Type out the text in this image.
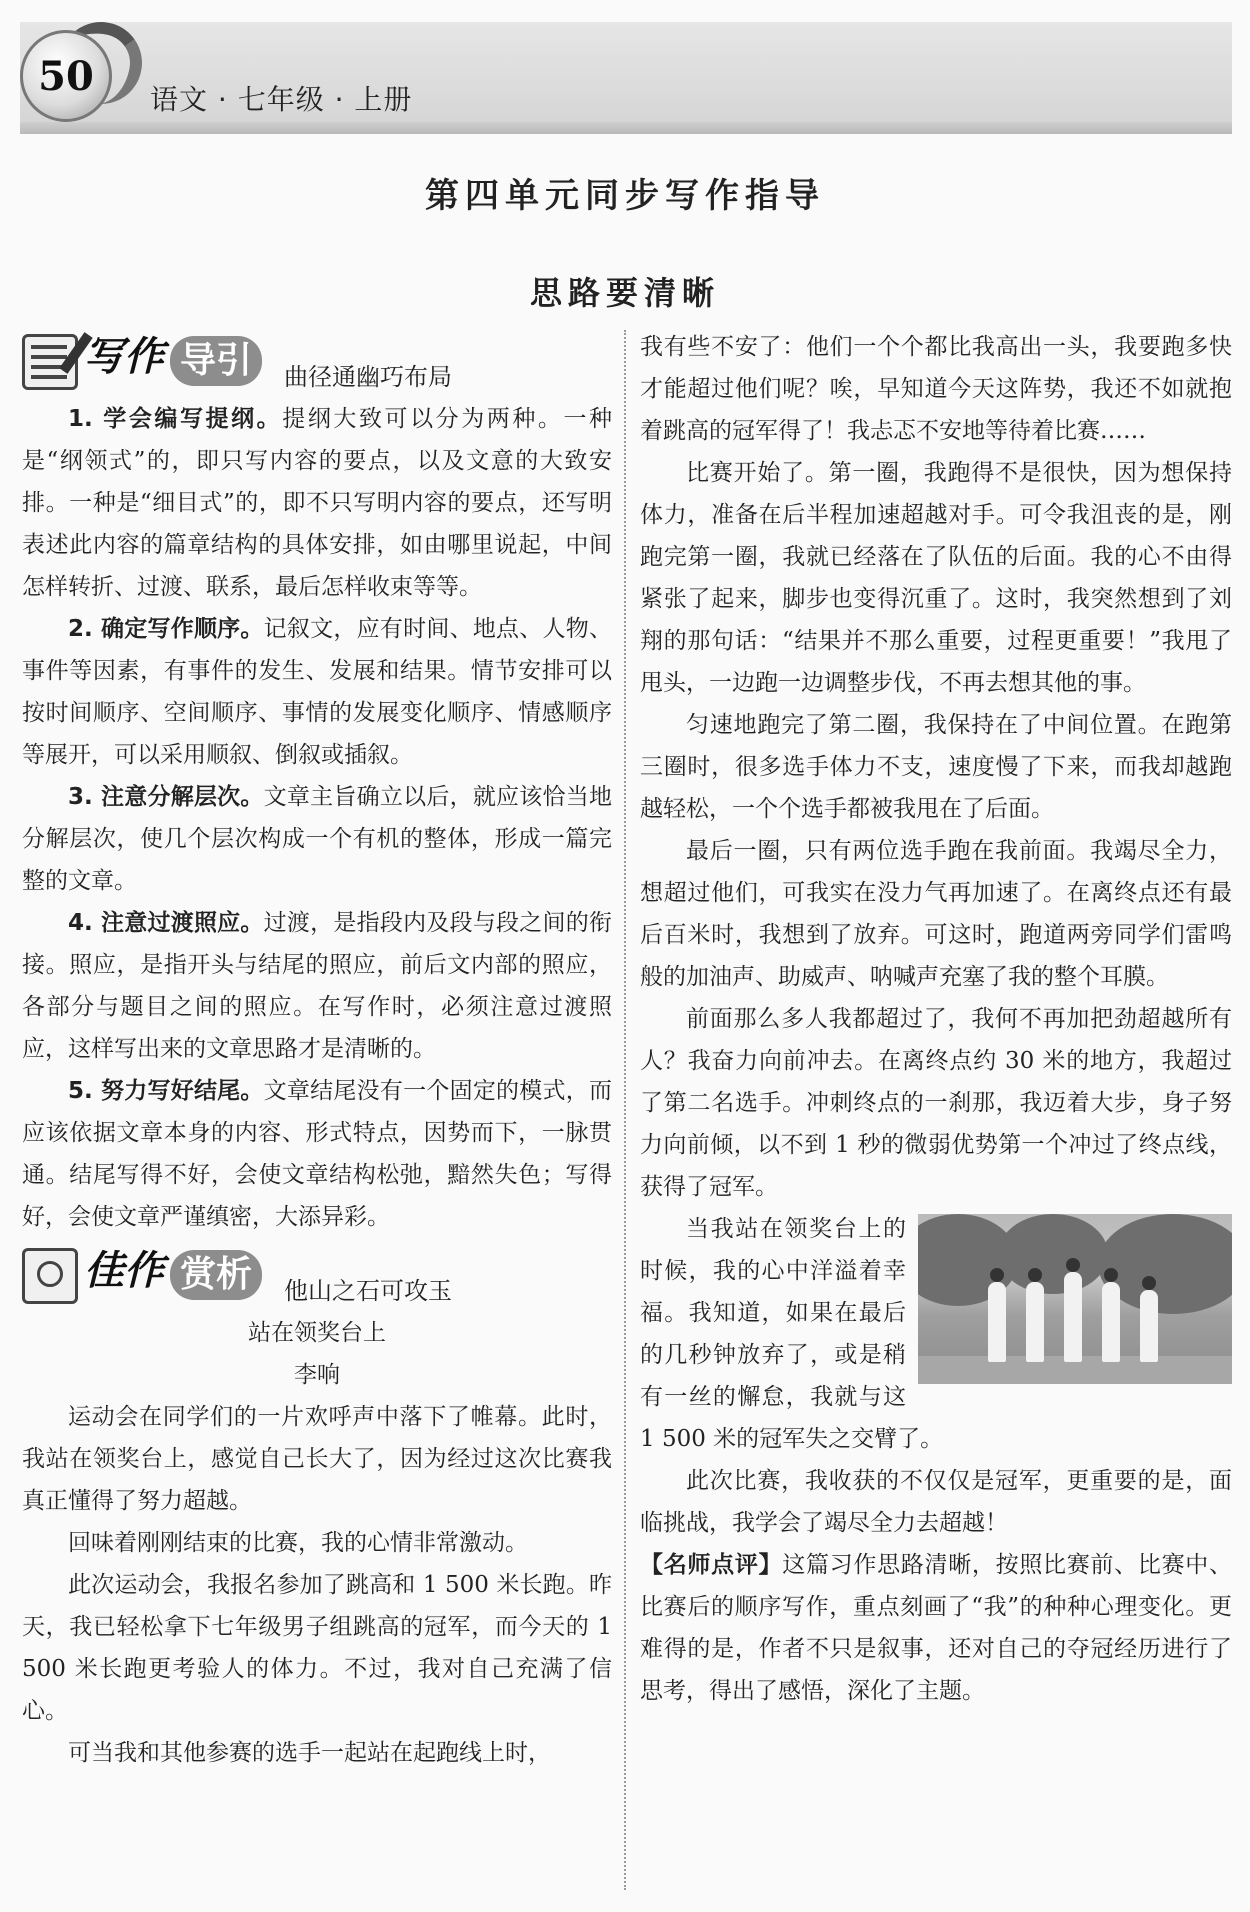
50	语文 · 七年级 · 上册
第四单元同步写作指导
思路要清晰
写作 导引	曲径通幽巧布局

1. 学会编写提纲。提纲大致可以分为两种。一种是“纲领式”的，即只写内容的要点，以及文意的大致安排。一种是“细目式”的，即不只写明内容的要点，还写明表述此内容的篇章结构的具体安排，如由哪里说起，中间怎样转折、过渡、联系，最后怎样收束等等。

2. 确定写作顺序。记叙文，应有时间、地点、人物、事件等因素，有事件的发生、发展和结果。情节安排可以按时间顺序、空间顺序、事情的发展变化顺序、情感顺序等展开，可以采用顺叙、倒叙或插叙。

3. 注意分解层次。文章主旨确立以后，就应该恰当地分解层次，使几个层次构成一个有机的整体，形成一篇完整的文章。

4. 注意过渡照应。过渡，是指段内及段与段之间的衔接。照应，是指开头与结尾的照应，前后文内部的照应，各部分与题目之间的照应。在写作时，必须注意过渡照应，这样写出来的文章思路才是清晰的。

5. 努力写好结尾。文章结尾没有一个固定的模式，而应该依据文章本身的内容、形式特点，因势而下，一脉贯通。结尾写得不好，会使文章结构松弛，黯然失色；写得好，会使文章严谨缜密，大添异彩。

佳作 赏析	他山之石可攻玉

站在领奖台上

李响

运动会在同学们的一片欢呼声中落下了帷幕。此时，我站在领奖台上，感觉自己长大了，因为经过这次比赛我真正懂得了努力超越。

回味着刚刚结束的比赛，我的心情非常激动。

此次运动会，我报名参加了跳高和 1 500 米长跑。昨天，我已轻松拿下七年级男子组跳高的冠军，而今天的 1 500 米长跑更考验人的体力。不过，我对自己充满了信心。

可当我和其他参赛的选手一起站在起跑线上时，

我有些不安了：他们一个个都比我高出一头，我要跑多快才能超过他们呢？唉，早知道今天这阵势，我还不如就抱着跳高的冠军得了！我忐忑不安地等待着比赛……

比赛开始了。第一圈，我跑得不是很快，因为想保持体力，准备在后半程加速超越对手。可令我沮丧的是，刚跑完第一圈，我就已经落在了队伍的后面。我的心不由得紧张了起来，脚步也变得沉重了。这时，我突然想到了刘翔的那句话：“结果并不那么重要，过程更重要！”我甩了甩头，一边跑一边调整步伐，不再去想其他的事。

匀速地跑完了第二圈，我保持在了中间位置。在跑第三圈时，很多选手体力不支，速度慢了下来，而我却越跑越轻松，一个个选手都被我甩在了后面。

最后一圈，只有两位选手跑在我前面。我竭尽全力，想超过他们，可我实在没力气再加速了。在离终点还有最后百米时，我想到了放弃。可这时，跑道两旁同学们雷鸣般的加油声、助威声、呐喊声充塞了我的整个耳膜。

前面那么多人我都超过了，我何不再加把劲超越所有人？我奋力向前冲去。在离终点约 30 米的地方，我超过了第二名选手。冲刺终点的一刹那，我迈着大步，身子努力向前倾，以不到 1 秒的微弱优势第一个冲过了终点线，获得了冠军。

当我站在领奖台上的时候，我的心中洋溢着幸福。我知道，如果在最后的几秒钟放弃了，或是稍有一丝的懈怠，我就与这 1 500 米的冠军失之交臂了。

此次比赛，我收获的不仅仅是冠军，更重要的是，面临挑战，我学会了竭尽全力去超越！

【名师点评】这篇习作思路清晰，按照比赛前、比赛中、比赛后的顺序写作，重点刻画了“我”的种种心理变化。更难得的是，作者不只是叙事，还对自己的夺冠经历进行了思考，得出了感悟，深化了主题。
